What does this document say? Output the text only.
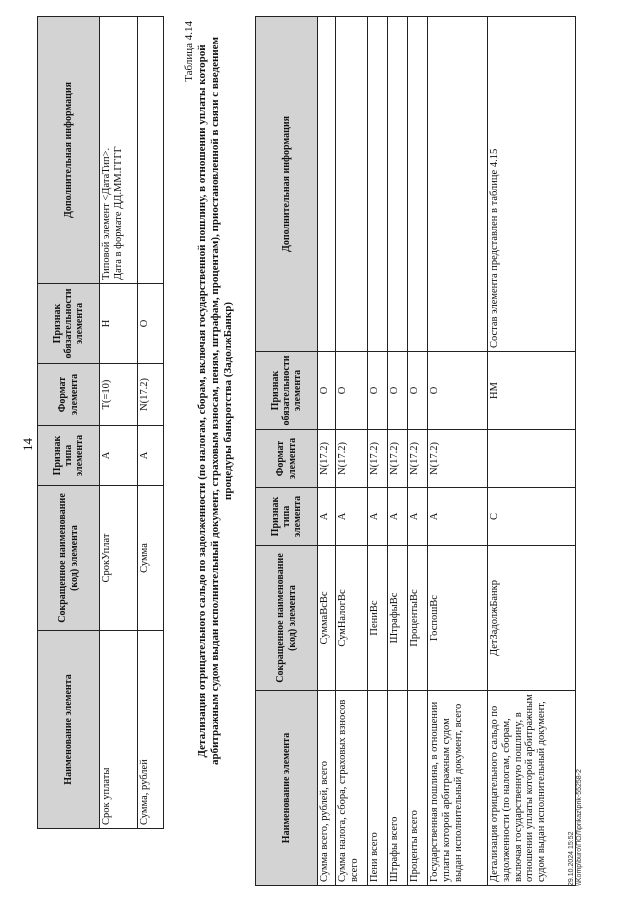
14
Наименование элемента	Сокращенное наименование (код) элемента	Признак типа элемента	Формат элемента	Признак обязательности элемента	Дополнительная информация
Срок уплаты	СрокУплат	А	T(=10)	Н	Типовой элемент <ДатаТип>.
Дата в формате ДД.ММ.ГГГГ
Сумма, рублей	Сумма	А	N(17.2)	О	
Таблица 4.14 Детализация отрицательного сальдо по задолженности (по налогам, сборам, включая государственной пошлину, в отношении уплаты которой арбитражным судом выдан исполнительный документ, страховым взносам, пеням, штрафам, процентам), приостановленной в связи с введением процедуры банкротства (ЗадолжБанкр)
Наименование элемента	Сокращенное наименование (код) элемента	Признак типа элемента	Формат элемента	Признак обязательности элемента	Дополнительная информация
Сумма всего, рублей, всего	СуммаВсВс	А	N(17.2)	О	
Сумма налога, сбора, страховых взносов всего	СумНалогВс	А	N(17.2)	О	
Пени всего	ПениВс	А	N(17.2)	О	
Штрафы всего	ШтрафыВс	А	N(17.2)	О	
Проценты всего	ПроцентыВс	А	N(17.2)	О	
Государственная пошлина, в отношении уплаты которой арбитражным судом выдан исполнительный документ, всего	ГоспошВс	А	N(17.2)	О	
Детализация отрицательного сальдо по задолженности (по налогам, сборам, включая государственную пошлину, в отношении уплаты которой арбитражным судом выдан исполнительный документ,	ДетЗадолжБанкр	С		НМ	Состав элемента представлен в таблице 4.15
29.10.2024 15:52 \\Komp\buro\ПОЛ\prikaz\prik-55258-2
